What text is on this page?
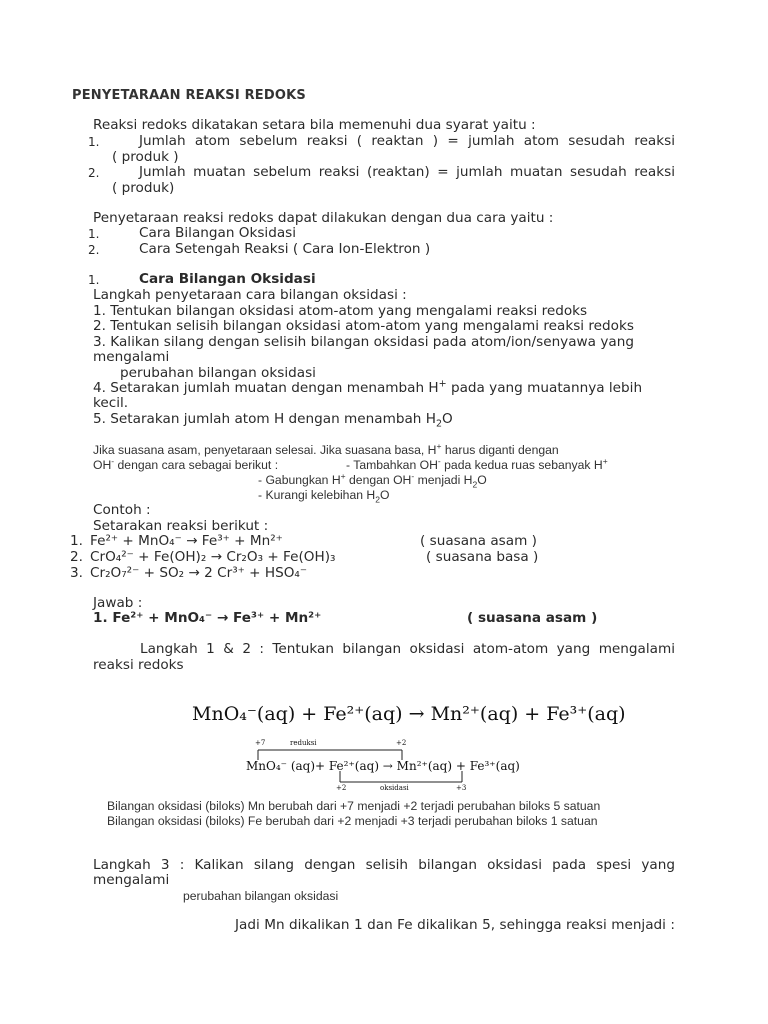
PENYETARAAN REAKSI REDOKS
Reaksi redoks dikatakan setara bila memenuhi dua syarat yaitu :
1.	Jumlah atom sebelum reaksi ( reaktan ) = jumlah atom sesudah reaksi
( produk )
2.	Jumlah muatan sebelum reaksi (reaktan) = jumlah muatan sesudah reaksi
( produk)
Penyetaraan reaksi redoks dapat dilakukan dengan dua cara yaitu :
1.	Cara Bilangan Oksidasi
2.	Cara Setengah Reaksi ( Cara Ion-Elektron )
1.	Cara Bilangan Oksidasi
Langkah penyetaraan cara bilangan oksidasi :
1. Tentukan bilangan oksidasi atom-atom yang mengalami reaksi redoks
2. Tentukan selisih bilangan oksidasi atom-atom yang mengalami reaksi redoks
3. Kalikan silang dengan selisih bilangan oksidasi pada atom/ion/senyawa yang
mengalami
perubahan bilangan oksidasi
4. Setarakan jumlah muatan dengan menambah H+ pada yang muatannya lebih
kecil.
5. Setarakan jumlah atom H dengan menambah $H_2O$
Jika suasana asam, penyetaraan selesai. Jika suasana basa, H+ harus diganti dengan
OH- dengan cara sebagai berikut :	- Tambahkan OH- pada kedua ruas sebanyak H+
- Gabungkan H+ dengan OH- menjadi $H_2O$
- Kurangi kelebihan $H_2O$
Contoh :
Setarakan reaksi berikut :
1. Fe²⁺ + MnO₄⁻ → Fe³⁺ + Mn²⁺	( suasana asam )
2. CrO₄²⁻ + Fe(OH)₂ → Cr₂O₃ + Fe(OH)₃	( suasana basa )
3. Cr₂O₇²⁻ + SO₂ → 2 Cr³⁺ + HSO₄⁻
Jawab :
1. Fe²⁺ + MnO₄⁻ → Fe³⁺ + Mn²⁺	( suasana asam )
Langkah 1 & 2 : Tentukan bilangan oksidasi atom-atom yang mengalami
reaksi redoks
MnO₄⁻(aq) + Fe²⁺(aq) → Mn²⁺(aq) + Fe³⁺(aq)
+7	reduksi	+2
MnO₄⁻ (aq)+ Fe²⁺(aq) → Mn²⁺(aq) + Fe³⁺(aq)
+2	oksidasi	+3
Bilangan oksidasi (biloks) Mn berubah dari +7 menjadi +2 terjadi perubahan biloks 5 satuan
Bilangan oksidasi (biloks) Fe berubah dari +2 menjadi +3 terjadi perubahan biloks 1 satuan
Langkah 3 : Kalikan silang dengan selisih bilangan oksidasi pada spesi yang
mengalami
perubahan bilangan oksidasi
Jadi Mn dikalikan 1 dan Fe dikalikan 5, sehingga reaksi menjadi :
